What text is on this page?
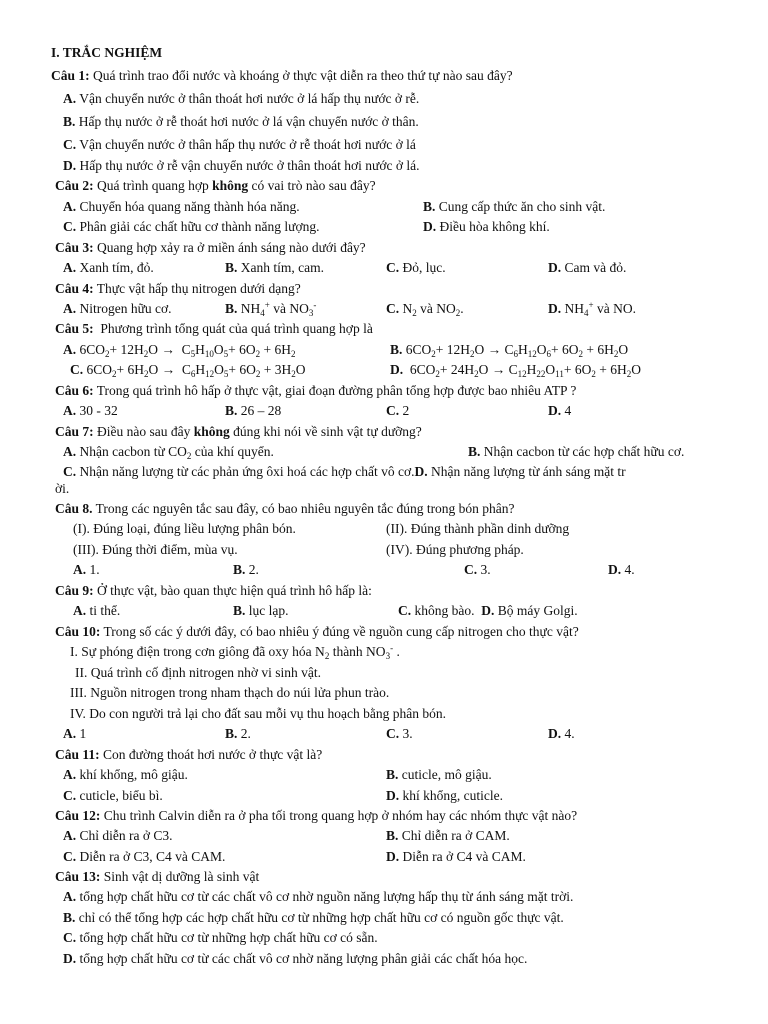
I. TRẮC NGHIỆM
Câu 1: Quá trình trao đổi nước và khoáng ở thực vật diễn ra theo thứ tự nào sau đây?
A. Vận chuyển nước ở thân thoát hơi nước ở lá hấp thụ nước ở rễ.
B. Hấp thụ nước ở rễ thoát hơi nước ở lá vận chuyển nước ở thân.
C. Vận chuyển nước ở thân hấp thụ nước ở rễ thoát hơi nước ở lá
D. Hấp thụ nước ở rễ vận chuyển nước ở thân thoát hơi nước ở lá.
Câu 2: Quá trình quang hợp không có vai trò nào sau đây?
A. Chuyển hóa quang năng thành hóa năng.	B. Cung cấp thức ăn cho sinh vật.
C. Phân giải các chất hữu cơ thành năng lượng.	D. Điều hòa không khí.
Câu 3: Quang hợp xảy ra ở miền ánh sáng nào dưới đây?
A. Xanh tím, đỏ.	B. Xanh tím, cam.	C. Đỏ, lục.	D. Cam và đỏ.
Câu 4: Thực vật hấp thụ nitrogen dưới dạng?
A. Nitrogen hữu cơ.	B. $NH_4^+$ và $NO_3^-$	C. $N_2$ và $NO_2$.	D. $NH_4^+$ và NO.
Câu 5: Phương trình tổng quát của quá trình quang hợp là
A. $6CO_2+ 12H_2O \to C_5H_{10}O_5+ 6O_2 + 6H_2$	B. $6CO_2+ 12H_2O \to C_6H_{12}O_6+ 6O_2 + 6H_2O$
C. $6CO_2+ 6H_2O \to C_6H_{12}O_5+ 6O_2 + 3H_2O$	D. $6CO_2+ 24H_2O \to C_{12}H_{22}O_{11}+ 6O_2 + 6H_2O$
Câu 6: Trong quá trình hô hấp ở thực vật, giai đoạn đường phân tổng hợp được bao nhiêu ATP ?
A. 30 - 32	B. 26 – 28	C. 2	D. 4
Câu 7: Điều nào sau đây không đúng khi nói về sinh vật tự dưỡng?
A. Nhận cacbon từ $CO_2$ của khí quyển.	B. Nhận cacbon từ các hợp chất hữu cơ.
C. Nhận năng lượng từ các phản ứng ôxi hoá các hợp chất vô cơ.D. Nhận năng lượng từ ánh sáng mặt tr
ời.
Câu 8. Trong các nguyên tắc sau đây, có bao nhiêu nguyên tắc đúng trong bón phân?
(I). Đúng loại, đúng liều lượng phân bón.	(II). Đúng thành phần dinh dưỡng
(III). Đúng thời điểm, mùa vụ.	(IV). Đúng phương pháp.
A. 1.	B. 2.	C. 3.	D. 4.
Câu 9: Ở thực vật, bào quan thực hiện quá trình hô hấp là:
A. ti thể.	B. lục lạp.	C. không bào. D. Bộ máy Golgi.
Câu 10: Trong số các ý dưới đây, có bao nhiêu ý đúng về nguồn cung cấp nitrogen cho thực vật?
I. Sự phóng điện trong cơn giông đã oxy hóa $N_2$ thành $NO_3^-$ .
II. Quá trình cố định nitrogen nhờ vi sinh vật.
III. Nguồn nitrogen trong nham thạch do núi lửa phun trào.
IV. Do con người trả lại cho đất sau mỗi vụ thu hoạch bằng phân bón.
A. 1	B. 2.	C. 3.	D. 4.
Câu 11: Con đường thoát hơi nước ở thực vật là?
A. khí khổng, mô giậu.	B. cuticle, mô giậu.
C. cuticle, biểu bì.	D. khí khổng, cuticle.
Câu 12: Chu trình Calvin diễn ra ở pha tối trong quang hợp ở nhóm hay các nhóm thực vật nào?
A. Chỉ diễn ra ở C3.	B. Chỉ diễn ra ở CAM.
C. Diễn ra ở C3, C4 và CAM.	D. Diễn ra ở C4 và CAM.
Câu 13: Sinh vật dị dưỡng là sinh vật
A. tổng hợp chất hữu cơ từ các chất vô cơ nhờ nguồn năng lượng hấp thụ từ ánh sáng mặt trời.
B. chỉ có thể tổng hợp các hợp chất hữu cơ từ những hợp chất hữu cơ có nguồn gốc thực vật.
C. tổng hợp chất hữu cơ từ những hợp chất hữu cơ có sẵn.
D. tổng hợp chất hữu cơ từ các chất vô cơ nhờ năng lượng phân giải các chất hóa học.
